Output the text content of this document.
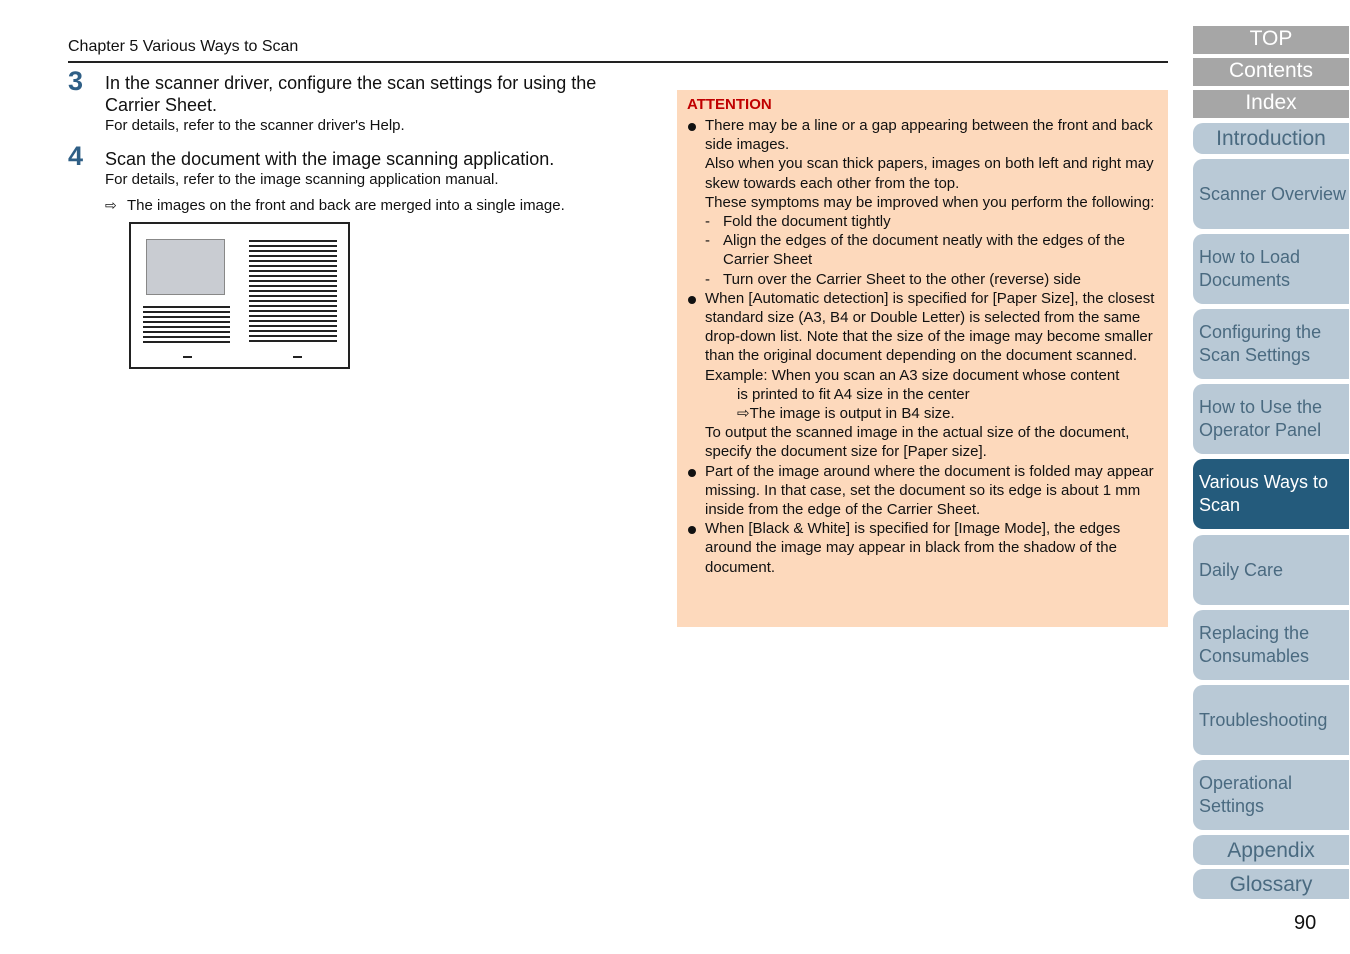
Chapter 5 Various Ways to Scan
3 In the scanner driver, configure the scan settings for using the Carrier Sheet.
For details, refer to the scanner driver's Help.
4 Scan the document with the image scanning application.
For details, refer to the image scanning application manual.
⇨ The images on the front and back are merged into a single image.
ATTENTION
There may be a line or a gap appearing between the front and back side images.
Also when you scan thick papers, images on both left and right may skew towards each other from the top.
These symptoms may be improved when you perform the following:
- Fold the document tightly
- Align the edges of the document neatly with the edges of the Carrier Sheet
- Turn over the Carrier Sheet to the other (reverse) side
When [Automatic detection] is specified for [Paper Size], the closest standard size (A3, B4 or Double Letter) is selected from the same drop-down list. Note that the size of the image may become smaller than the original document depending on the document scanned.
Example: When you scan an A3 size document whose content
is printed to fit A4 size in the center
⇨The image is output in B4 size.
To output the scanned image in the actual size of the document, specify the document size for [Paper size].
Part of the image around where the document is folded may appear missing. In that case, set the document so its edge is about 1 mm inside from the edge of the Carrier Sheet.
When [Black & White] is specified for [Image Mode], the edges around the image may appear in black from the shadow of the document.
TOP
Contents
Index
Introduction
Scanner Overview
How to Load Documents
Configuring the Scan Settings
How to Use the Operator Panel
Various Ways to Scan
Daily Care
Replacing the Consumables
Troubleshooting
Operational Settings
Appendix
Glossary
90
